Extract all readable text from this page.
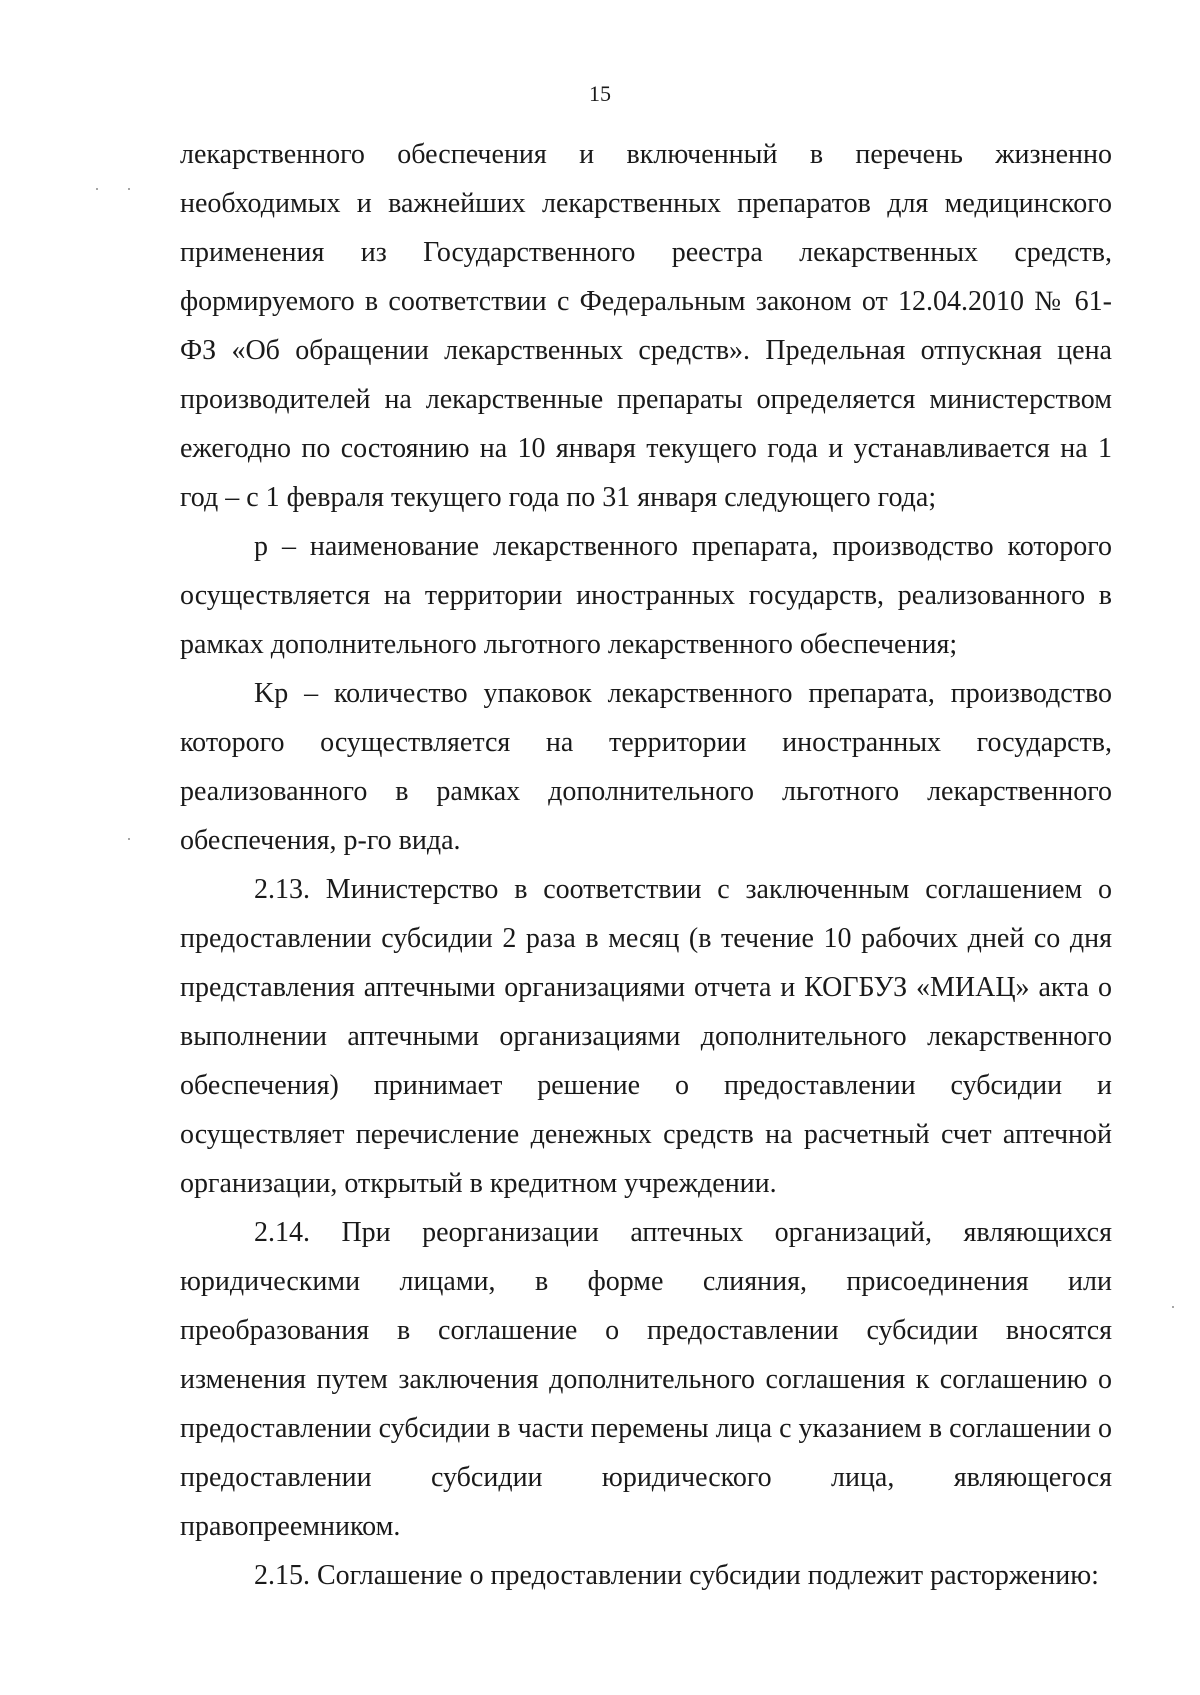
15

лекарственного обеспечения и включенный в перечень жизненно необходимых и важнейших лекарственных препаратов для медицинского применения из Государственного реестра лекарственных средств, формируемого в соответствии с Федеральным законом от 12.04.2010 № 61-ФЗ «Об обращении лекарственных средств». Предельная отпускная цена производителей на лекарственные препараты определяется министерством ежегодно по состоянию на 10 января текущего года и устанавливается на 1 год – с 1 февраля текущего года по 31 января следующего года;

p – наименование лекарственного препарата, производство которого осуществляется на территории иностранных государств, реализованного в рамках дополнительного льготного лекарственного обеспечения;

Kp – количество упаковок лекарственного препарата, производство которого осуществляется на территории иностранных государств, реализованного в рамках дополнительного льготного лекарственного обеспечения, р-го вида.

2.13. Министерство в соответствии с заключенным соглашением о предоставлении субсидии 2 раза в месяц (в течение 10 рабочих дней со дня представления аптечными организациями отчета и КОГБУЗ «МИАЦ» акта о выполнении аптечными организациями дополнительного лекарственного обеспечения) принимает решение о предоставлении субсидии и осуществляет перечисление денежных средств на расчетный счет аптечной организации, открытый в кредитном учреждении.

2.14. При реорганизации аптечных организаций, являющихся юридическими лицами, в форме слияния, присоединения или преобразования в соглашение о предоставлении субсидии вносятся изменения путем заключения дополнительного соглашения к соглашению о предоставлении субсидии в части перемены лица с указанием в соглашении о предоставлении субсидии юридического лица, являющегося правопреемником.

2.15. Соглашение о предоставлении субсидии подлежит расторжению:
